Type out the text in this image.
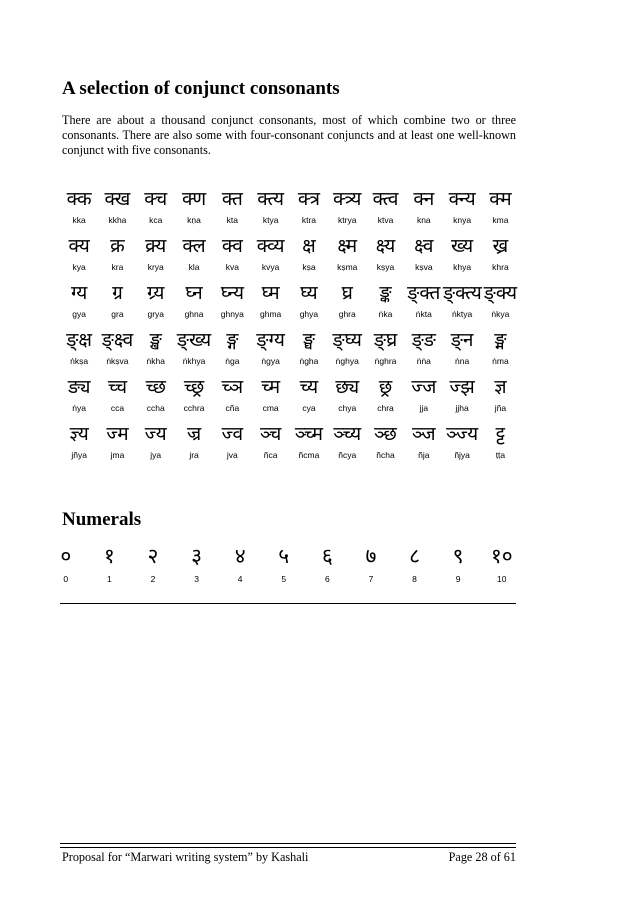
A selection of conjunct consonants

There are about a thousand conjunct consonants, most of which combine two or three consonants. There are also some with four-consonant conjuncts and at least one well-known conjunct with five consonants.

क्क
kka
क्ख
kkha
क्च
kca
क्ण
kṇa
क्त
kta
क्त्य
ktya
क्त्र
ktra
क्त्र्य
ktrya
क्त्व
ktva
क्न
kna
क्न्य
knya
क्म
kma
क्य
kya
क्र
kra
क्र्य
krya
क्ल
kla
क्व
kva
क्व्य
kvya
क्ष
kṣa
क्ष्म
kṣma
क्ष्य
kṣya
क्ष्व
kṣva
ख्य
khya
ख्र
khra
ग्य
gya
ग्र
gra
ग्र्य
grya
घ्न
ghna
घ्न्य
ghnya
घ्म
ghma
घ्य
ghya
घ्र
ghra
ङ्क
ṅka
ङ्क्त
ṅkta
ङ्क्त्य
ṅktya
ङ्क्य
ṅkya
ङ्क्ष
ṅkṣa
ङ्क्ष्व
ṅkṣva
ङ्ख
ṅkha
ङ्ख्य
ṅkhya
ङ्ग
ṅga
ङ्ग्य
ṅgya
ङ्घ
ṅgha
ङ्घ्य
ṅghya
ङ्घ्र
ṅghra
ङ्ङ
ṅṅa
ङ्न
ṅna
ङ्म
ṅma
ङ्य
ṅya
च्च
cca
च्छ
ccha
च्छ्र
cchra
च्ञ
cña
च्म
cma
च्य
cya
छ्य
chya
छ्र
chra
ज्ज
jja
ज्झ
jjha
ज्ञ
jña
ज्ञ्य
jñya
ज्म
jma
ज्य
jya
ज्र
jra
ज्व
jva
ञ्च
ñca
ञ्च्म
ñcma
ञ्च्य
ñcya
ञ्छ
ñcha
ञ्ज
ñja
ञ्ज्य
ñjya
ट्ट
ṭṭa
Numerals
०
0
१
1
२
2
३
3
४
4
५
5
६
6
७
7
८
8
९
9
१०
10
Proposal for “Marwari writing system” by Kashali	Page 28 of 61
